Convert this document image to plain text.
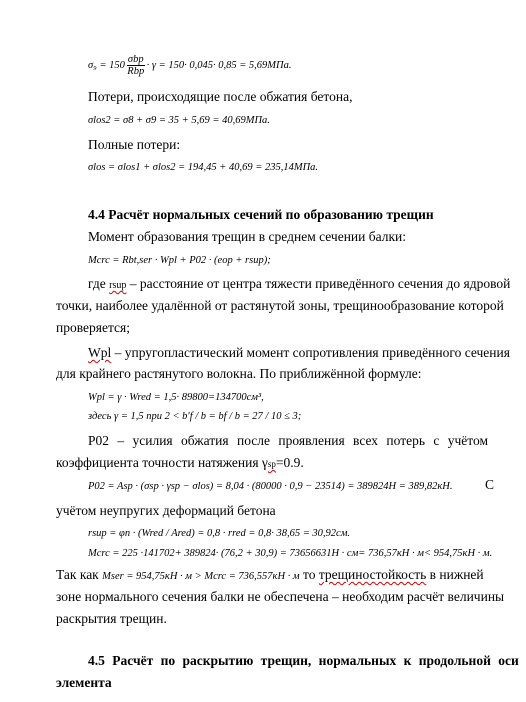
$\sigma_9 = 150 \frac{\text{σbp}}{\text{Rbp}} \cdot \gamma = 150\cdot 0,045\cdot 0,85 = 5,69МПа$.
Потери, происходящие после обжатия бетона,
σlos2 = σ8 + σ9 = 35 + 5,69 = 40,69МПа.
Полные потери:
σlos = σlos1 + σlos2 = 194,45 + 40,69 = 235,14МПа.
4.4 Расчёт нормальных сечений по образованию трещин
Момент образования трещин в среднем сечении балки:
Mcrc = Rbt,ser · Wpl + P02 · (eop + rsup);
где rsup – расстояние от центра тяжести приведённого сечения до ядровой
точки, наиболее удалённой от растянутой зоны, трещинообразование которой
проверяется;
Wpl – упругопластический момент сопротивления приведённого сечения
для крайнего растянутого волокна. По приближённой формуле:
Wpl = γ · Wred = 1,5· 89800=134700см³,
здесь γ = 1,5 при 2 < b′f / b = bf / b = 27 / 10 ≤ 3;
P02 – усилия обжатия после проявления всех потерь с учётом
коэффициента точности натяжения γsp=0.9.
P02 = Asp · (σsp · γsp − σlos) = 8,04 · (80000 · 0,9 − 23514) = 389824Н = 389,82кН. С
учётом неупругих деформаций бетона
rsup = φn · (Wred / Ared) = 0,8 · rred = 0,8· 38,65 = 30,92см.
Mcrc = 225 ·141702+ 389824· (76,2 + 30,9) = 73656631Н · см= 736,57кН · м< 954,75кН · м.
Так как Mser = 954,75кН · м > Mcrc = 736,557кН · м то трещиностойкость в нижней
зоне нормального сечения балки не обеспечена – необходим расчёт величины
раскрытия трещин.
4.5 Расчёт по раскрытию трещин, нормальных к продольной оси
элемента
